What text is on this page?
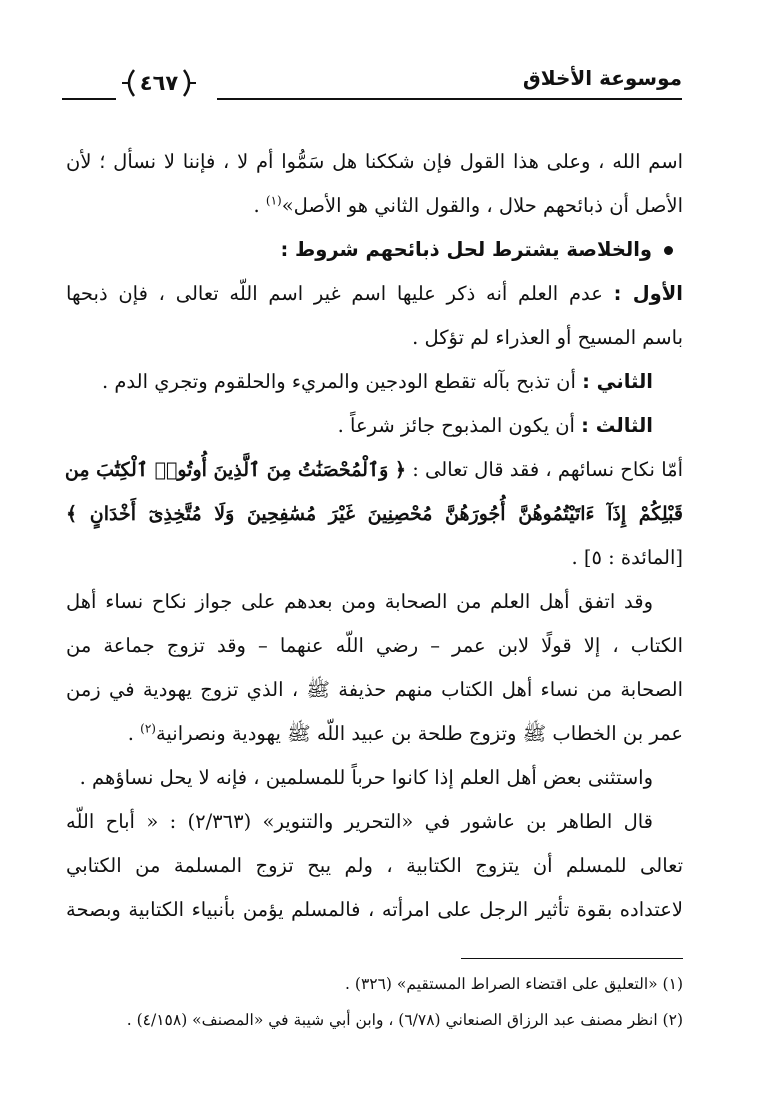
موسوعة الأخلاق
٤٦٧
اسم الله ، وعلى هذا القول فإن شككنا هل سَمُّوا أم لا ، فإننا لا نسأل ؛ لأن
الأصل أن ذبائحهم حلال ، والقول الثاني هو الأصل»$^{(١)}$ .
والخلاصة يشترط لحل ذبائحهم شروط :
الأول : عدم العلم أنه ذكر عليها اسم غير اسم اللّه تعالى ، فإن ذبحها
باسم المسيح أو العذراء لم تؤكل .
الثاني : أن تذبح بآله تقطع الودجين والمريء والحلقوم وتجري الدم .
الثالث : أن يكون المذبوح جائز شرعاً .
أمّا نكاح نسائهم ، فقد قال تعالى : ﴿ وَٱلْمُحْصَنَٰتُ مِنَ ٱلَّذِينَ أُوتُوا۟ ٱلْكِتَٰبَ مِن
قَبْلِكُمْ إِذَآ ءَاتَيْتُمُوهُنَّ أُجُورَهُنَّ مُحْصِنِينَ غَيْرَ مُسَٰفِحِينَ وَلَا مُتَّخِذِىٓ أَخْدَانٍ ﴾
[المائدة : ٥] .
وقد اتفق أهل العلم من الصحابة ومن بعدهم على جواز نكاح نساء أهل
الكتاب ، إلا قولًا لابن عمر – رضي اللّه عنهما – وقد تزوج جماعة من
الصحابة من نساء أهل الكتاب منهم حذيفة ﷺ ، الذي تزوج يهودية في زمن
عمر بن الخطاب ﷺ وتزوج طلحة بن عبيد اللّه ﷺ يهودية ونصرانية$^{(٢)}$ .
واستثنى بعض أهل العلم إذا كانوا حرباً للمسلمين ، فإنه لا يحل نساؤهم .
قال الطاهر بن عاشور في «التحرير والتنوير» (٢/٣٦٣) : « أباح اللّه
تعالى للمسلم أن يتزوج الكتابية ، ولم يبح تزوج المسلمة من الكتابي
لاعتداده بقوة تأثير الرجل على امرأته ، فالمسلم يؤمن بأنبياء الكتابية وبصحة
(١) «التعليق على اقتضاء الصراط المستقيم» (٣٢٦) .
(٢) انظر مصنف عبد الرزاق الصنعاني (٦/٧٨) ، وابن أبي شيبة في «المصنف» (٤/١٥٨) .
